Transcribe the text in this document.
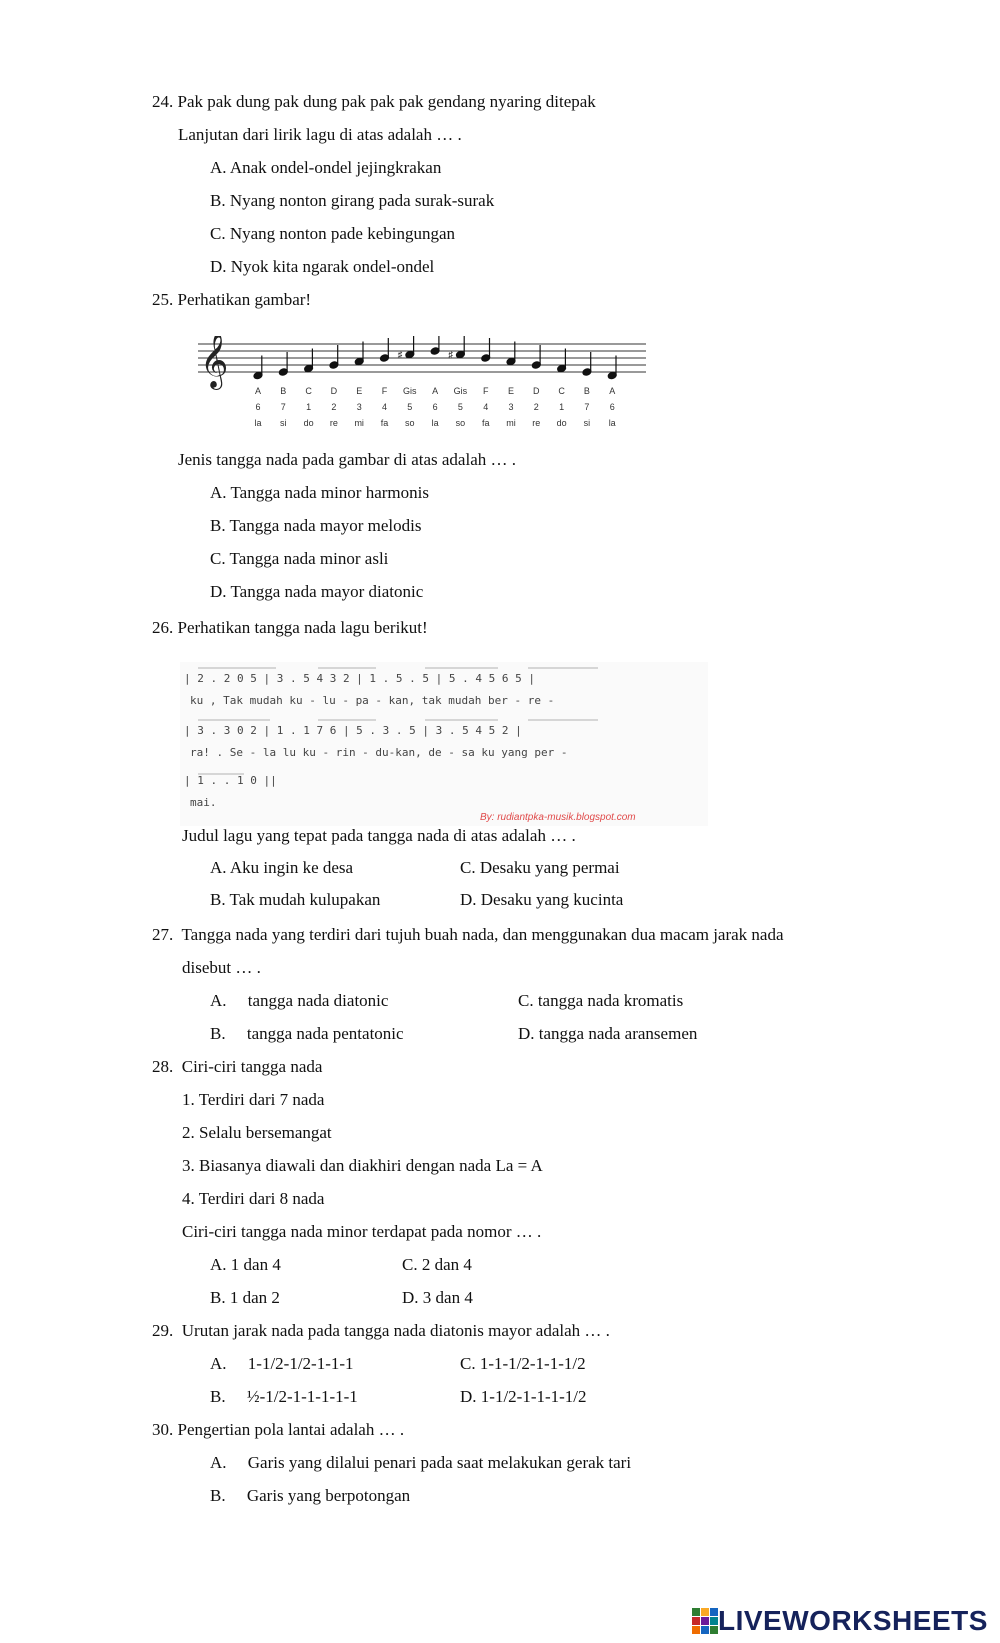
24. Pak pak dung pak dung pak pak pak gendang nyaring ditepak
Lanjutan dari lirik lagu di atas adalah … .
A. Anak ondel-ondel jejingkrakan
B. Nyang nonton girang pada surak-surak
C. Nyang nonton pade kebingungan
D. Nyok kita ngarak ondel-ondel
25. Perhatikan gambar!
𝄞	♯	♯
A B C D E F Gis A Gis F E D C B A
6 7 1 2 3 4 5 6 5 4 3 2 1 7 6
la si do re mi fa so la so fa mi re do si la
Jenis tangga nada pada gambar di atas adalah … .
A. Tangga nada minor harmonis
B. Tangga nada mayor melodis
C. Tangga nada minor asli
D. Tangga nada mayor diatonic
26. Perhatikan tangga nada lagu berikut!
| 2 . 2 0 5 | 3 . 5 4 3 2 | 1 . 5 . 5 | 5 . 4 5 6 5 |
ku , Tak mudah ku - lu - pa - kan, tak mudah ber - re -
| 3 . 3 0 2 | 1 . 1 7 6 | 5 . 3 . 5 | 3 . 5 4 5 2 |
ra! . Se - la lu ku - rin - du-kan, de - sa ku yang per -
| 1 . . 1 0 ||
mai.
By: rudiantpka-musik.blogspot.com
Judul lagu yang tepat pada tangga nada di atas adalah … .
A. Aku ingin ke desa	C. Desaku yang permai
B. Tak mudah kulupakan	D. Desaku yang kucinta
27. Tangga nada yang terdiri dari tujuh buah nada, dan menggunakan dua macam jarak nada
disebut … .
A. tangga nada diatonic	C. tangga nada kromatis
B. tangga nada pentatonic	D. tangga nada aransemen
28. Ciri-ciri tangga nada
1. Terdiri dari 7 nada
2. Selalu bersemangat
3. Biasanya diawali dan diakhiri dengan nada La = A
4. Terdiri dari 8 nada
Ciri-ciri tangga nada minor terdapat pada nomor … .
A. 1 dan 4	C. 2 dan 4
B. 1 dan 2	D. 3 dan 4
29. Urutan jarak nada pada tangga nada diatonis mayor adalah … .
A. 1-1/2-1/2-1-1-1	C. 1-1-1/2-1-1-1/2
B. ½-1/2-1-1-1-1-1	D. 1-1/2-1-1-1-1/2
30. Pengertian pola lantai adalah … .
A. Garis yang dilalui penari pada saat melakukan gerak tari
B. Garis yang berpotongan
LIVEWORKSHEETS
